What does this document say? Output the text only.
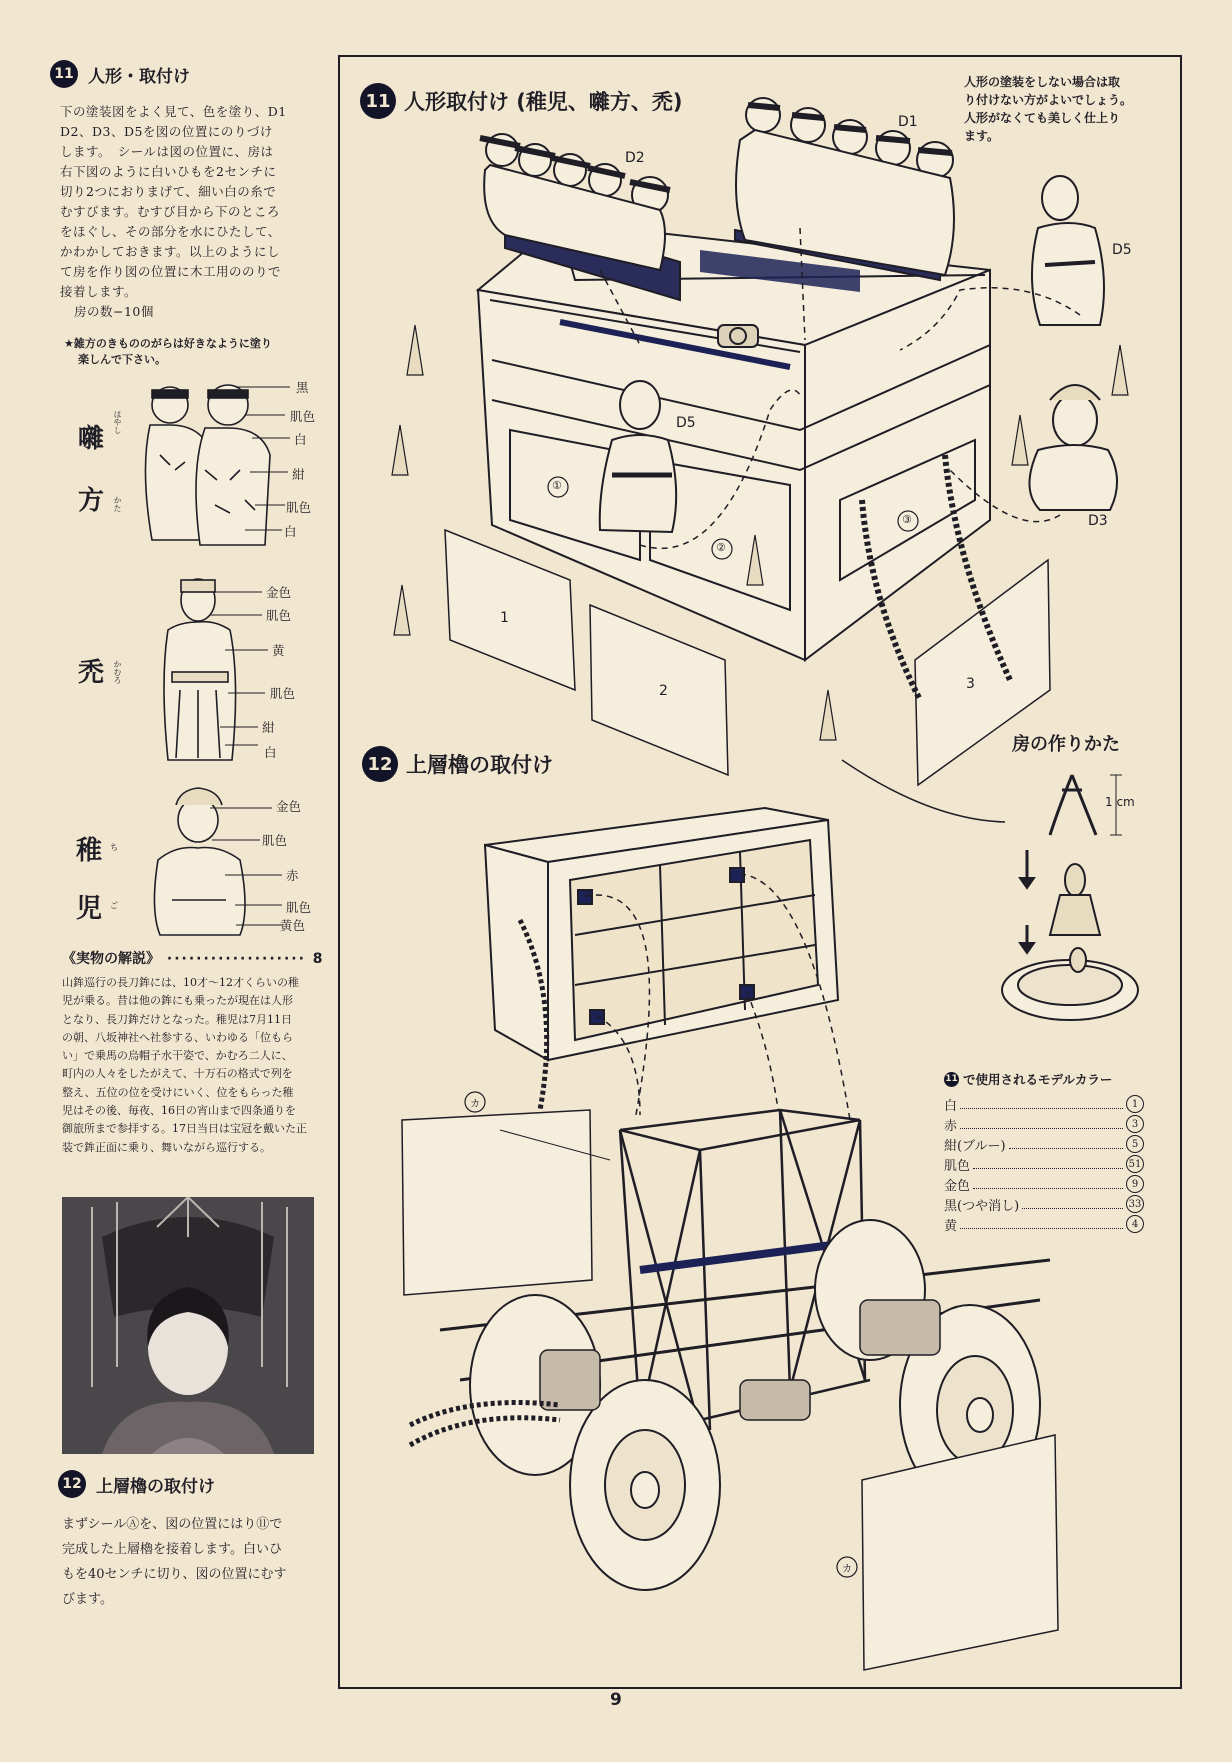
11 人形・取付け
下の塗装図をよく見て、色を塗り、D1
D2、D3、D5を図の位置にのりづけ
します。　シールは図の位置に、房は
右下図のように白いひもを2センチに
切り2つにおりまげて、細い白の糸で
むすびます。むすび目から下のところ
をほぐし、その部分を水にひたして、
かわかしておきます。以上のようにし
て房を作り図の位置に木工用ののりで
接着します。
房の数−10個
★雑方のきもののがらは好きなように塗り
楽しんで下さい。
囃
方
はやし
かた
黒
肌色
白
紺
肌色
白
禿 かむろ
金色
肌色
黄
肌色
紺
白
稚
児
ち
ご
金色
肌色
赤
肌色
黄色
《実物の解説》 ··················· 8
山鉾巡行の長刀鉾には、10才〜12才くらいの稚
児が乗る。昔は他の鉾にも乗ったが現在は人形
となり、長刀鉾だけとなった。稚児は7月11日
の朝、八坂神社へ社参する、いわゆる「位もら
い」で乗馬の烏帽子水干姿で、かむろ二人に、
町内の人々をしたがえて、十万石の格式で列を
整え、五位の位を受けにいく、位をもらった稚
児はその後、毎夜、16日の宵山まで四条通りを
御旅所まで参拝する。17日当日は宝冠を戴いた正
装で鉾正面に乗り、舞いながら巡行する。
12 上層櫓の取付け
まずシールⒶを、図の位置にはり⑪で
完成した上層櫓を接着します。白いひ
もを40センチに切り、図の位置にむす
びます。
11 人形取付け (稚児、囃方、禿)
人形の塗装をしない場合は取
り付けない方がよいでしょう。
人形がなくても美しく仕上り
ます。
12 上層櫓の取付け
D2
D1
D5
D5
D3
1
2	3
①
②
③
カ
カ
房の作りかた
1 cm
11 で使用されるモデルカラー
白	1
赤	3
紺(ブルー)	5
肌色	51
金色	9
黒(つや消し)	33
黄	4
9
